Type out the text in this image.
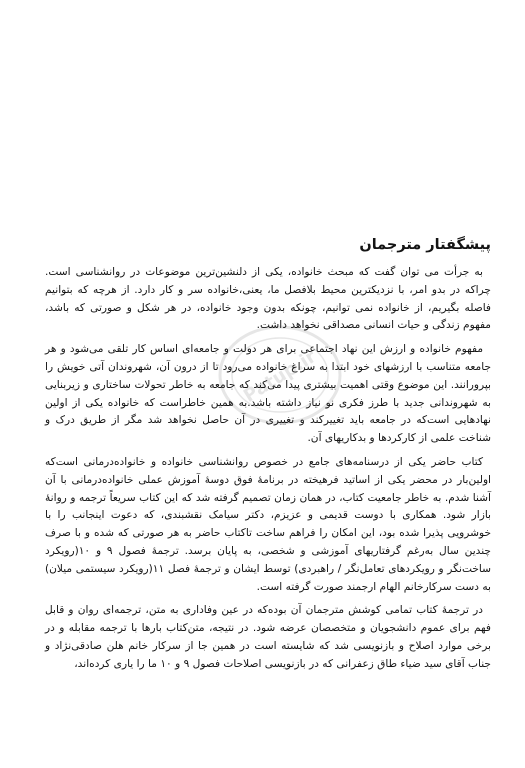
Patup.ir
پیشگفتار مترجمان

به جرأت می توان گفت که مبحث خانواده، یکی از دلنشین‌ترین موضوعات در روانشناسی است. چراکه در بدو امر، با نزدیکترین محیط بلافصل ما، یعنی،خانواده سر و کار دارد. از هرچه که بتوانیم فاصله بگیریم، از خانواده نمی توانیم، چونکه بدون وجود خانواده، در هر شکل و صورتی که باشد، مفهوم زندگی و حیات انسانی مصداقی نخواهد داشت.

مفهوم خانواده و ارزش این نهاد اجتماعی برای هر دولت و جامعه‌ای اساس کار تلقی می‌شود و هر جامعه متناسب با ارزشهای خود ابتدا به سراغ خانواده می‌رود تا از درون آن، شهروندان آتی خویش را بپرورانند. این موضوع وقتی اهمیت بیشتری پیدا می‌کند که جامعه به خاطر تحولات ساختاری و زیربنایی به شهروندانی جدید با طرز فکری نو نیاز داشته باشد.به همین خاطراست که خانواده یکی از اولین نهادهایی است‌که در جامعه باید تغییرکند و تغییری در آن حاصل نخواهد شد مگر از طریق درک و شناخت علمی از کارکردها و بدکاریهای آن.

کتاب حاضر یکی از درسنامه‌های جامع در خصوص روانشناسی خانواده و خانواده‌درمانی است‌که اولین‌بار در محضر یکی از اساتید فرهیخته در برنامهٔ فوق دوسهٔ آموزش عملی خانواده‌درمانی با آن آشنا شدم. به خاطر جامعیت کتاب، در همان زمان تصمیم گرفته شد که این کتاب سریعاً ترجمه و روانهٔ بازار شود. همکاری با دوست قدیمی و عزیزم، دکتر سیامک نقشبندی، که دعوت اینجانب را با خوشرویی پذیرا شده بود، این امکان را فراهم ساخت تاکتاب حاضر به هر صورتی که شده و با صرف چندین سال به‌رغم گرفتاریهای آموزشی و شخصی، به پایان برسد. ترجمهٔ فصول ۹ و ۱۰(رویکرد ساخت‌نگر و رویکردهای تعامل‌نگر / راهبردی) توسط ایشان و ترجمهٔ فصل ۱۱(رویکرد سیستمی میلان) به دست سرکارخانم الهام ارجمند صورت گرفته است.

در ترجمهٔ کتاب تمامی کوشش مترجمان آن بوده‌که در عین وفاداری به متن، ترجمه‌ای روان و قابل فهم برای عموم دانشجویان و متخصصان عرضه شود. در نتیجه، متن‌کتاب بارها با ترجمه مقابله و در برخی موارد اصلاح و بازنویسی شد که شایسته است در همین جا از سرکار خانم هلن صادقی‌نژاد و جناب آقای سید ضیاء طاق زعفرانی که در بازنویسی اصلاحات فصول ۹ و ۱۰ ما را یاری کرده‌اند،
